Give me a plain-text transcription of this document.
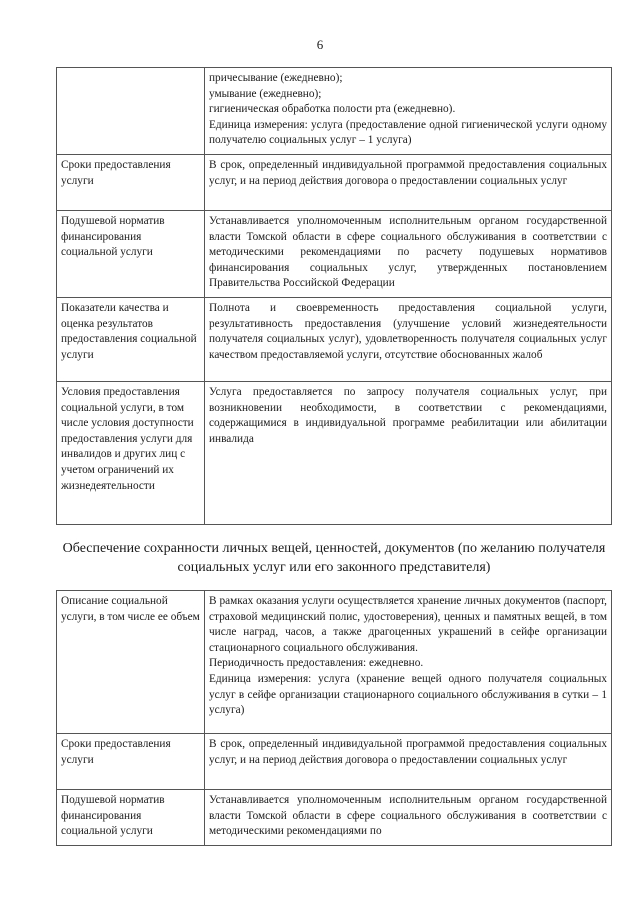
6

	причесывание (ежедневно);

умывание (ежедневно);

гигиеническая обработка полости рта (ежедневно).

Единица измерения: услуга (предоставление одной гигиенической услуги одному получателю социальных услуг – 1 услуга)

Сроки предоставления услуги	В срок, определенный индивидуальной программой предоставления социальных услуг, и на период действия договора о предоставлении социальных услуг

Подушевой норматив финансирования социальной услуги	Устанавливается уполномоченным исполнительным органом государственной власти Томской области в сфере социального обслуживания в соответствии с методическими рекомендациями по расчету подушевых нормативов финансирования социальных услуг, утвержденных постановлением Правительства Российской Федерации

Показатели качества и оценка результатов предоставления социальной услуги	Полнота и своевременность предоставления социальной услуги, результативность предоставления (улучшение условий жизнедеятельности получателя социальных услуг), удовлетворенность получателя социальных услуг качеством предоставляемой услуги, отсутствие обоснованных жалоб

Условия предоставления социальной услуги, в том числе условия доступности предоставления услуги для инвалидов и других лиц с учетом ограничений их жизнедеятельности	Услуга предоставляется по запросу получателя социальных услуг, при возникновении необходимости, в соответствии с рекомендациями, содержащимися в индивидуальной программе реабилитации или абилитации инвалида

Обеспечение сохранности личных вещей, ценностей, документов (по желанию получателя социальных услуг или его законного представителя)
Описание социальной услуги, в том числе ее объем	В рамках оказания услуги осуществляется хранение личных документов (паспорт, страховой медицинский полис, удостоверения), ценных и памятных вещей, в том числе наград, часов, а также драгоценных украшений в сейфе организации стационарного социального обслуживания.

Периодичность предоставления: ежедневно.

Единица измерения: услуга (хранение вещей одного получателя социальных услуг в сейфе организации стационарного социального обслуживания в сутки – 1 услуга)

Сроки предоставления услуги	В срок, определенный индивидуальной программой предоставления социальных услуг, и на период действия договора о предоставлении социальных услуг

Подушевой норматив финансирования социальной услуги	Устанавливается уполномоченным исполнительным органом государственной власти Томской области в сфере социального обслуживания в соответствии с методическими рекомендациями по
